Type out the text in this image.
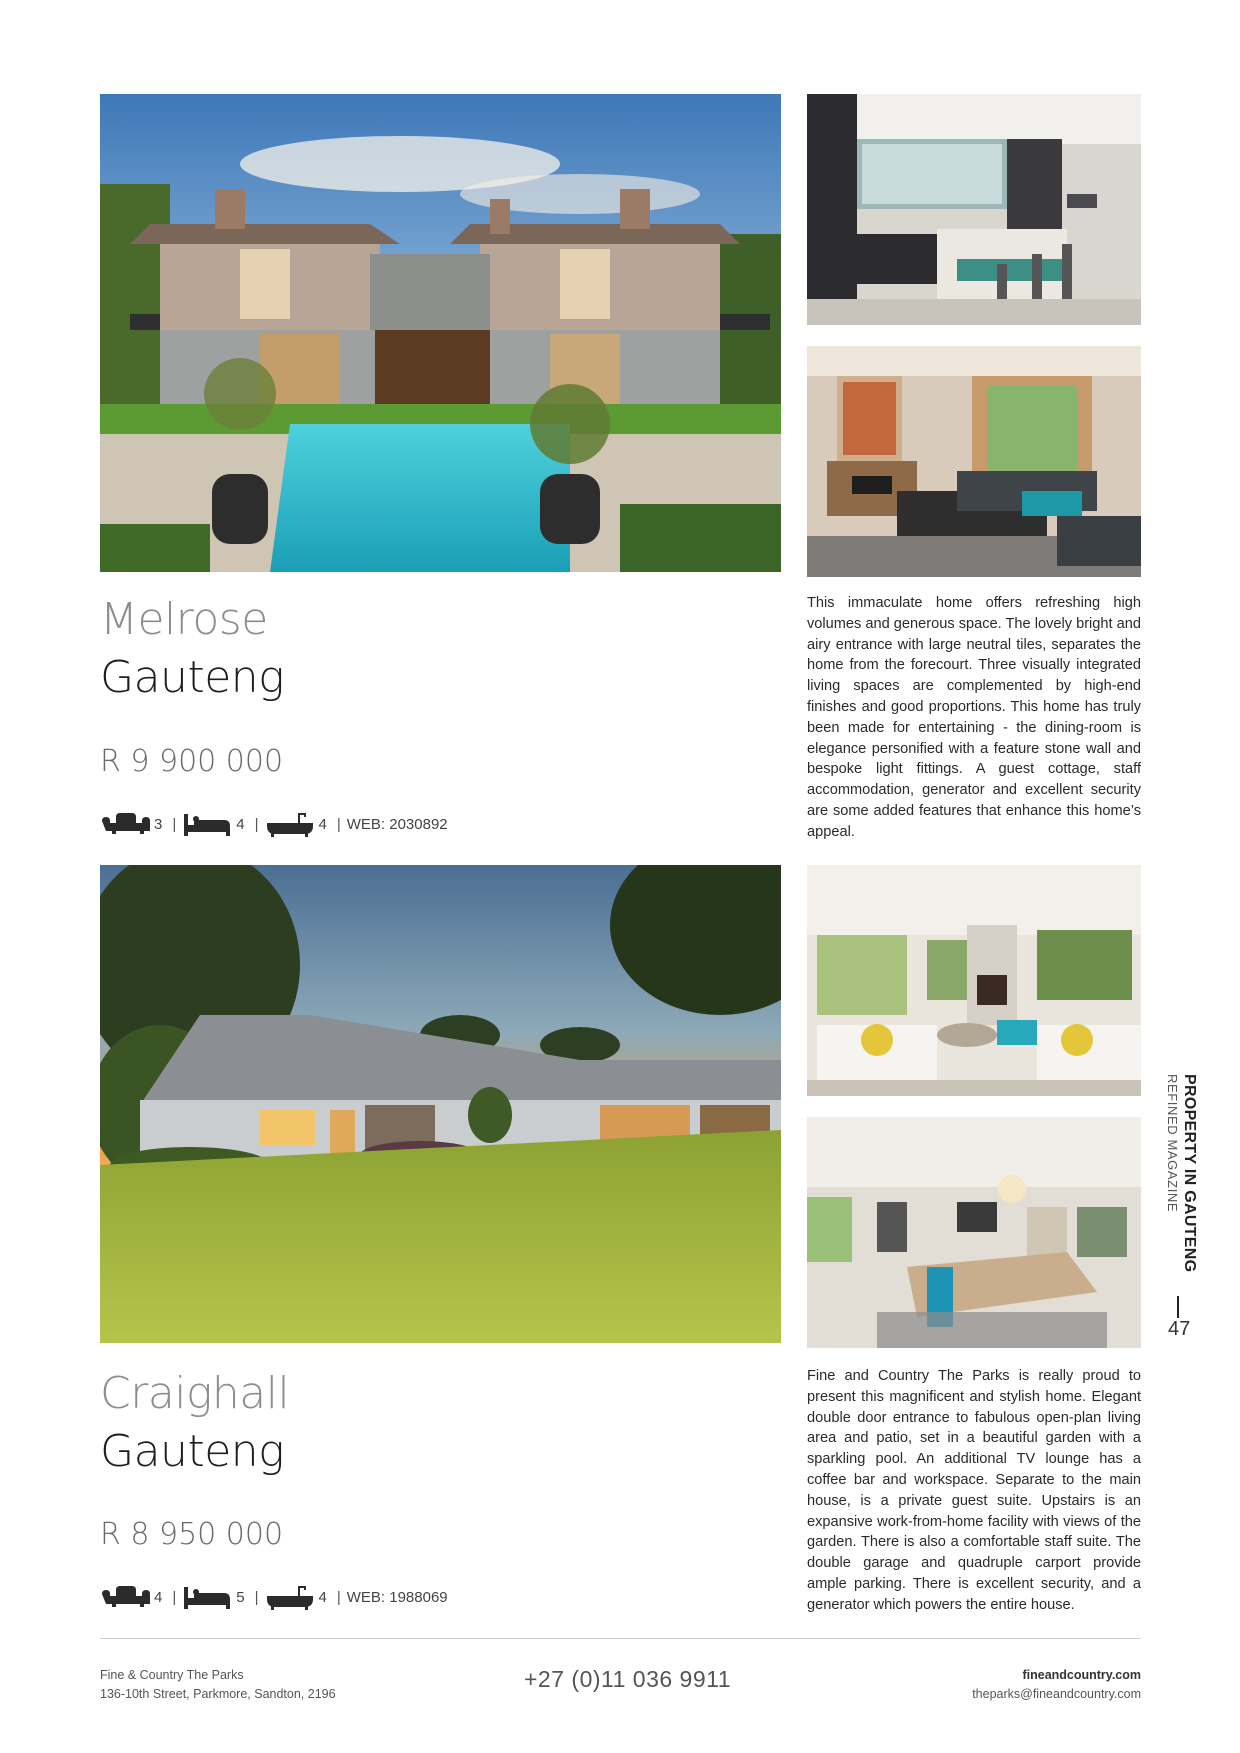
Melrose
Gauteng
R 9 900 000
3 |	4 |	4 | WEB: 2030892
This immaculate home offers refreshing high volumes and generous space. The lovely bright and airy entrance with large neutral tiles, separates the home from the forecourt. Three visually integrated living spaces are complemented by high-end finishes and good proportions. This home has truly been made for entertaining - the dining-room is elegance personified with a feature stone wall and bespoke light fittings. A guest cottage, staff accommodation, generator and excellent security are some added features that enhance this home’s appeal.
Craighall
Gauteng
R 8 950 000
4 |	5 |	4 | WEB: 1988069
Fine and Country The Parks is really proud to present this magnificent and stylish home. Elegant double door entrance to fabulous open-plan living area and patio, set in a beautiful garden with a sparkling pool. An additional TV lounge has a coffee bar and workspace. Separate to the main house, is a private guest suite. Upstairs is an expansive work-from-home facility with views of the garden. There is also a comfortable staff suite. The double garage and quadruple carport provide ample parking. There is excellent security, and a generator which powers the entire house.
PROPERTY IN GAUTENG
REFINED MAGAZINE
47
Fine & Country The Parks
136-10th Street, Parkmore, Sandton, 2196
+27 (0)11 036 9911	fineandcountry.com
theparks@fineandcountry.com
